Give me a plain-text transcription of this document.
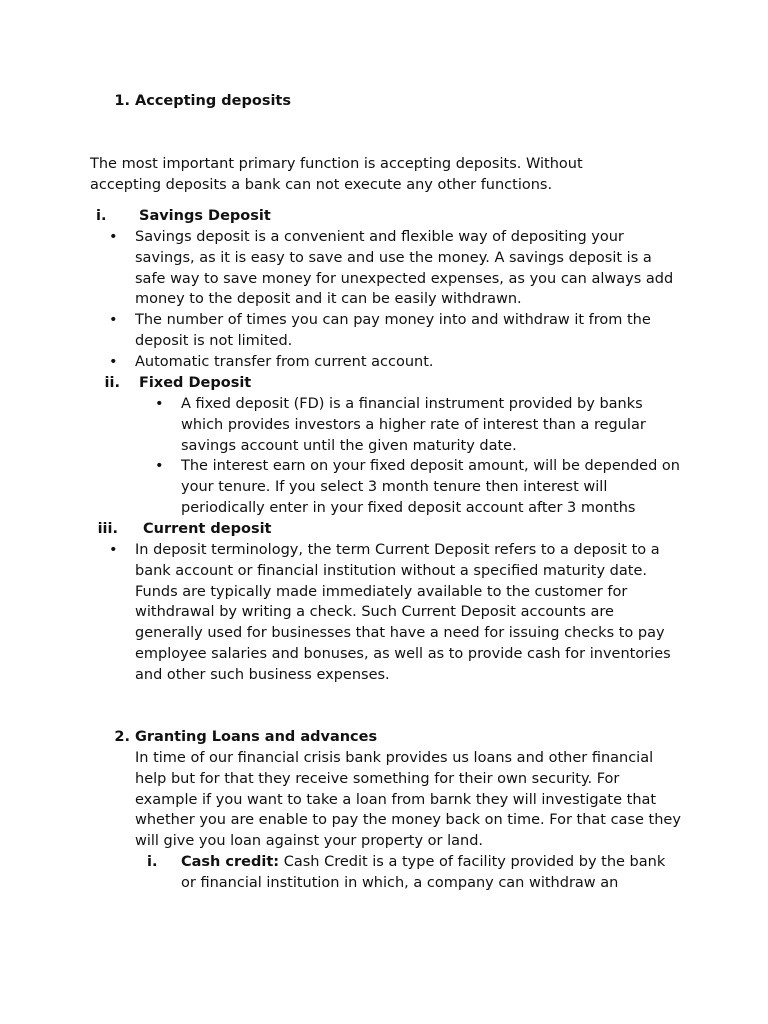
1. Accepting deposits
The most important primary function is accepting deposits. Without accepting deposits a bank can not execute any other functions.
i.	Savings Deposit
• Savings deposit is a convenient and flexible way of depositing your savings, as it is easy to save and use the money. A savings deposit is a safe way to save money for unexpected expenses, as you can always add money to the deposit and it can be easily withdrawn.
• The number of times you can pay money into and withdraw it from the deposit is not limited.
• Automatic transfer from current account.
ii. Fixed Deposit
• A fixed deposit (FD) is a financial instrument provided by banks which provides investors a higher rate of interest than a regular savings account until the given maturity date.
• The interest earn on your fixed deposit amount, will be depended on your tenure. If you select 3 month tenure then interest will periodically enter in your fixed deposit account after 3 months
iii. Current deposit
• In deposit terminology, the term Current Deposit refers to a deposit to a bank account or financial institution without a specified maturity date. Funds are typically made immediately available to the customer for withdrawal by writing a check. Such Current Deposit accounts are generally used for businesses that have a need for issuing checks to pay employee salaries and bonuses, as well as to provide cash for inventories and other such business expenses.
2. Granting Loans and advances
In time of our financial crisis bank provides us loans and other financial help but for that they receive something for their own security. For example if you want to take a loan from barnk they will investigate that whether you are enable to pay the money back on time. For that case they will give you loan against your property or land.
i.	Cash credit: Cash Credit is a type of facility provided by the bank or financial institution in which, a company can withdraw an
